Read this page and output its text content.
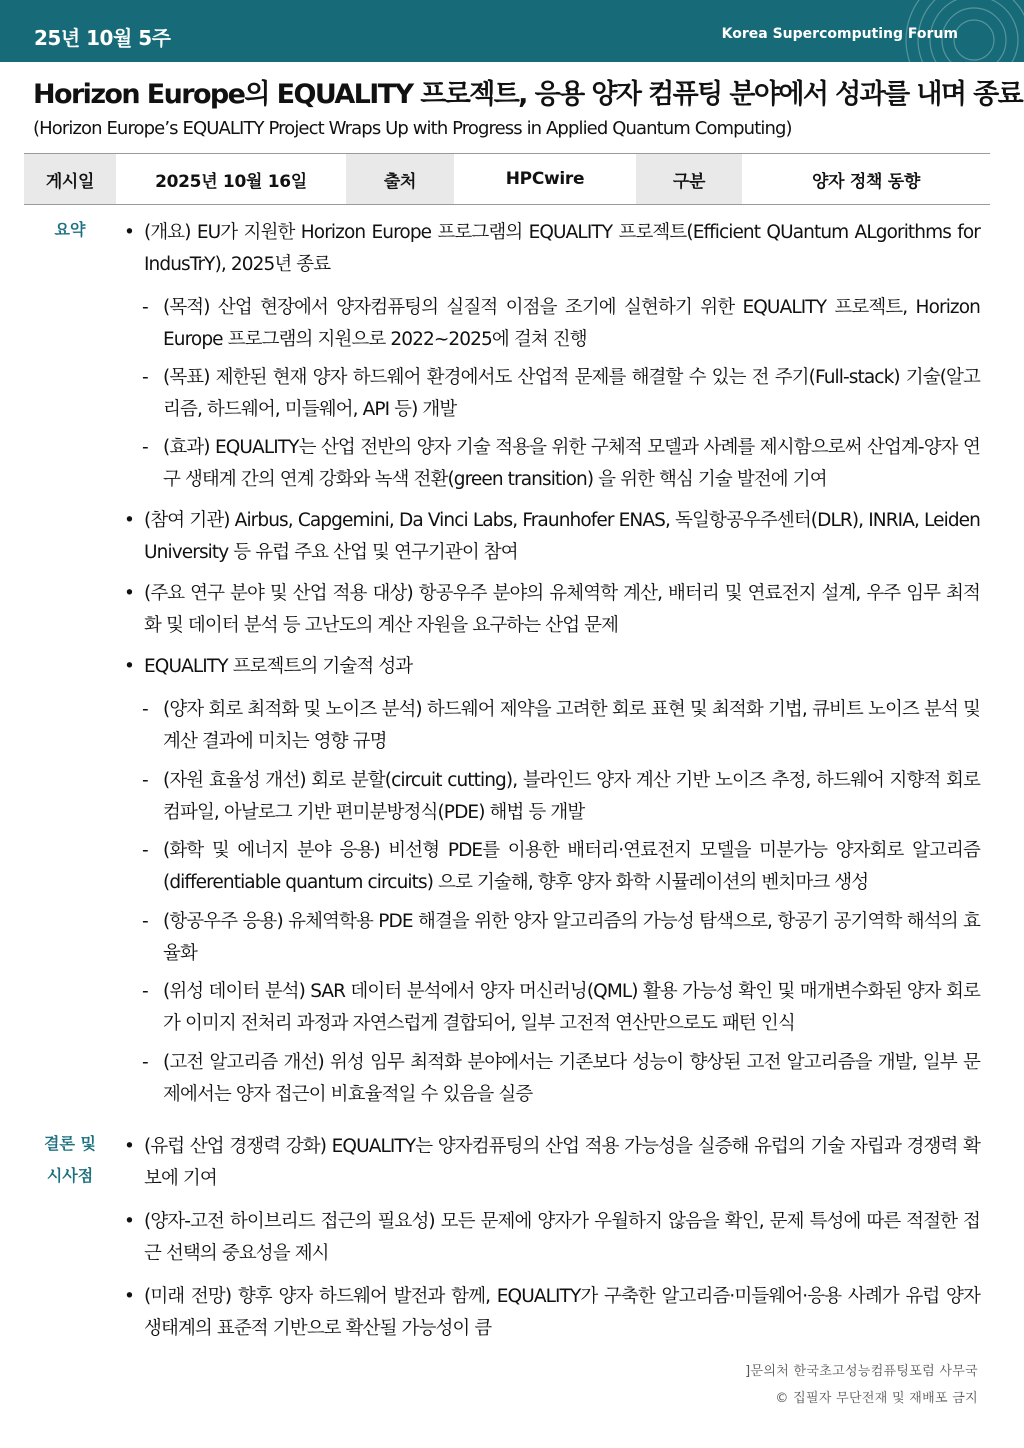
25년 10월 5주	Korea Supercomputing Forum
Horizon Europe의 EQUALITY 프로젝트, 응용 양자 컴퓨팅 분야에서 성과를 내며 종료
(Horizon Europe’s EQUALITY Project Wraps Up with Progress in Applied Quantum Computing)
게시일	2025년 10월 16일	출처	HPCwire	구분	양자 정책 동향
요약	• (개요) EU가 지원한 Horizon Europe 프로그램의 EQUALITY 프로젝트(Efficient QUantum ALgorithms for IndusTrY), 2025년 종료
- (목적) 산업 현장에서 양자컴퓨팅의 실질적 이점을 조기에 실현하기 위한 EQUALITY 프로젝트, Horizon Europe 프로그램의 지원으로 2022~2025에 걸쳐 진행
- (목표) 제한된 현재 양자 하드웨어 환경에서도 산업적 문제를 해결할 수 있는 전 주기(Full-stack) 기술(알고리즘, 하드웨어, 미들웨어, API 등) 개발
- (효과) EQUALITY는 산업 전반의 양자 기술 적용을 위한 구체적 모델과 사례를 제시함으로써 산업계-양자 연구 생태계 간의 연계 강화와 녹색 전환(green transition) 을 위한 핵심 기술 발전에 기여
• (참여 기관) Airbus, Capgemini, Da Vinci Labs, Fraunhofer ENAS, 독일항공우주센터(DLR), INRIA, Leiden University 등 유럽 주요 산업 및 연구기관이 참여
• (주요 연구 분야 및 산업 적용 대상) 항공우주 분야의 유체역학 계산, 배터리 및 연료전지 설계, 우주 임무 최적화 및 데이터 분석 등 고난도의 계산 자원을 요구하는 산업 문제
• EQUALITY 프로젝트의 기술적 성과
- (양자 회로 최적화 및 노이즈 분석) 하드웨어 제약을 고려한 회로 표현 및 최적화 기법, 큐비트 노이즈 분석 및 계산 결과에 미치는 영향 규명
- (자원 효율성 개선) 회로 분할(circuit cutting), 블라인드 양자 계산 기반 노이즈 추정, 하드웨어 지향적 회로 컴파일, 아날로그 기반 편미분방정식(PDE) 해법 등 개발
- (화학 및 에너지 분야 응용) 비선형 PDE를 이용한 배터리·연료전지 모델을 미분가능 양자회로 알고리즘(differentiable quantum circuits) 으로 기술해, 향후 양자 화학 시뮬레이션의 벤치마크 생성
- (항공우주 응용) 유체역학용 PDE 해결을 위한 양자 알고리즘의 가능성 탐색으로, 항공기 공기역학 해석의 효율화
- (위성 데이터 분석) SAR 데이터 분석에서 양자 머신러닝(QML) 활용 가능성 확인 및 매개변수화된 양자 회로가 이미지 전처리 과정과 자연스럽게 결합되어, 일부 고전적 연산만으로도 패턴 인식
- (고전 알고리즘 개선) 위성 임무 최적화 분야에서는 기존보다 성능이 향상된 고전 알고리즘을 개발, 일부 문제에서는 양자 접근이 비효율적일 수 있음을 실증
결론 및
시사점
• (유럽 산업 경쟁력 강화) EQUALITY는 양자컴퓨팅의 산업 적용 가능성을 실증해 유럽의 기술 자립과 경쟁력 확보에 기여
• (양자-고전 하이브리드 접근의 필요성) 모든 문제에 양자가 우월하지 않음을 확인, 문제 특성에 따른 적절한 접근 선택의 중요성을 제시
• (미래 전망) 향후 양자 하드웨어 발전과 함께, EQUALITY가 구축한 알고리즘·미들웨어·응용 사례가 유럽 양자 생태계의 표준적 기반으로 확산될 가능성이 큼
]문의처 한국초고성능컴퓨팅포럼 사무국
© 집필자 무단전재 및 재배포 금지
